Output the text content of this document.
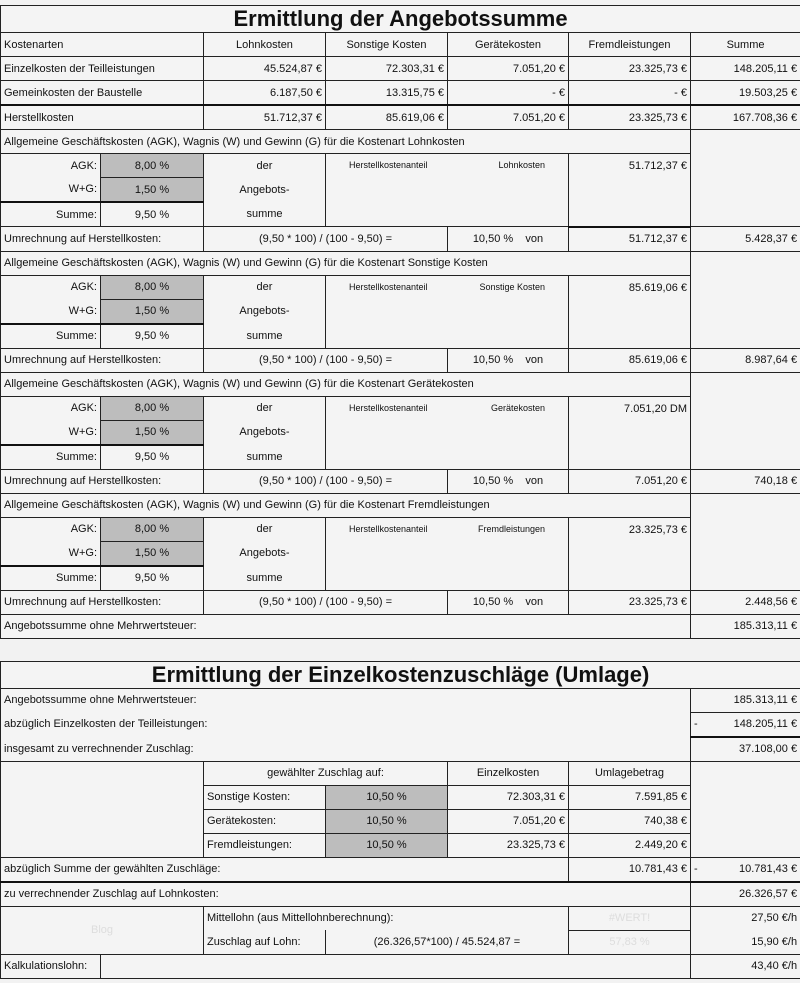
Ermittlung der Angebotssumme						
Kostenarten		Lohnkosten	Sonstige Kosten	Gerätekosten	Fremdleistungen	Summe
Einzelkosten der Teilleistungen		45.524,87 €	72.303,31 €	7.051,20 €	23.325,73 €	148.205,11 €
Gemeinkosten der Baustelle		6.187,50 €	13.315,75 €	- €	- €	19.503,25 €
Herstellkosten		51.712,37 €	85.619,06 €	7.051,20 €	23.325,73 €	167.708,36 €
Allgemeine Geschäftskosten (AGK), Wagnis (W) und Gewinn (G) für die Kostenart Lohnkosten						
AGK:	8,00 %	der	Herstellkostenanteil Lohnkosten		51.712,37 €	
W+G:	1,50 %	Angebots-				
Summe:	9,50 %	summe				
Umrechnung auf Herstellkosten:		(9,50 * 100) / (100 - 9,50) =		10,50 % von	51.712,37 €	5.428,37 €
Allgemeine Geschäftskosten (AGK), Wagnis (W) und Gewinn (G) für die Kostenart Sonstige Kosten						
AGK:	8,00 %	der	Herstellkostenanteil Sonstige Kosten		85.619,06 €	
W+G:	1,50 %	Angebots-				
Summe:	9,50 %	summe				
Umrechnung auf Herstellkosten:		(9,50 * 100) / (100 - 9,50) =		10,50 % von	85.619,06 €	8.987,64 €
Allgemeine Geschäftskosten (AGK), Wagnis (W) und Gewinn (G) für die Kostenart Gerätekosten						
AGK:	8,00 %	der	Herstellkostenanteil Gerätekosten		7.051,20 DM	
W+G:	1,50 %	Angebots-				
Summe:	9,50 %	summe				
Umrechnung auf Herstellkosten:		(9,50 * 100) / (100 - 9,50) =		10,50 % von	7.051,20 €	740,18 €
Allgemeine Geschäftskosten (AGK), Wagnis (W) und Gewinn (G) für die Kostenart Fremdleistungen						
AGK:	8,00 %	der	Herstellkostenanteil Fremdleistungen		23.325,73 €	
W+G:	1,50 %	Angebots-				
Summe:	9,50 %	summe				
Umrechnung auf Herstellkosten:		(9,50 * 100) / (100 - 9,50) =		10,50 % von	23.325,73 €	2.448,56 €
Angebotssumme ohne Mehrwertsteuer:						185.313,11 €

Ermittlung der Einzelkostenzuschläge (Umlage)						
Angebotssumme ohne Mehrwertsteuer:						185.313,11 €
abzüglich Einzelkosten der Teilleistungen:						- 148.205,11 €

insgesamt zu verrechnender Zuschlag:						37.108,00 €
		gewählter Zuschlag auf:		Einzelkosten	Umlagebetrag	
		Sonstige Kosten:	10,50 %	72.303,31 €	7.591,85 €	
		Gerätekosten:	10,50 %	7.051,20 €	740,38 €	
		Fremdleistungen:	10,50 %	23.325,73 €	2.449,20 €	
abzüglich Summe der gewählten Zuschläge:					10.781,43 €	- 10.781,43 €

zu verrechnender Zuschlag auf Lohnkosten:						26.326,57 €
Blog		Mittellohn (aus Mittellohnberechnung):			#WERT!	27,50 €/h
		Zuschlag auf Lohn:	(26.326,57*100) / 45.524,87 =		57,83 %	15,90 €/h
Kalkulationslohn:						43,40 €/h
